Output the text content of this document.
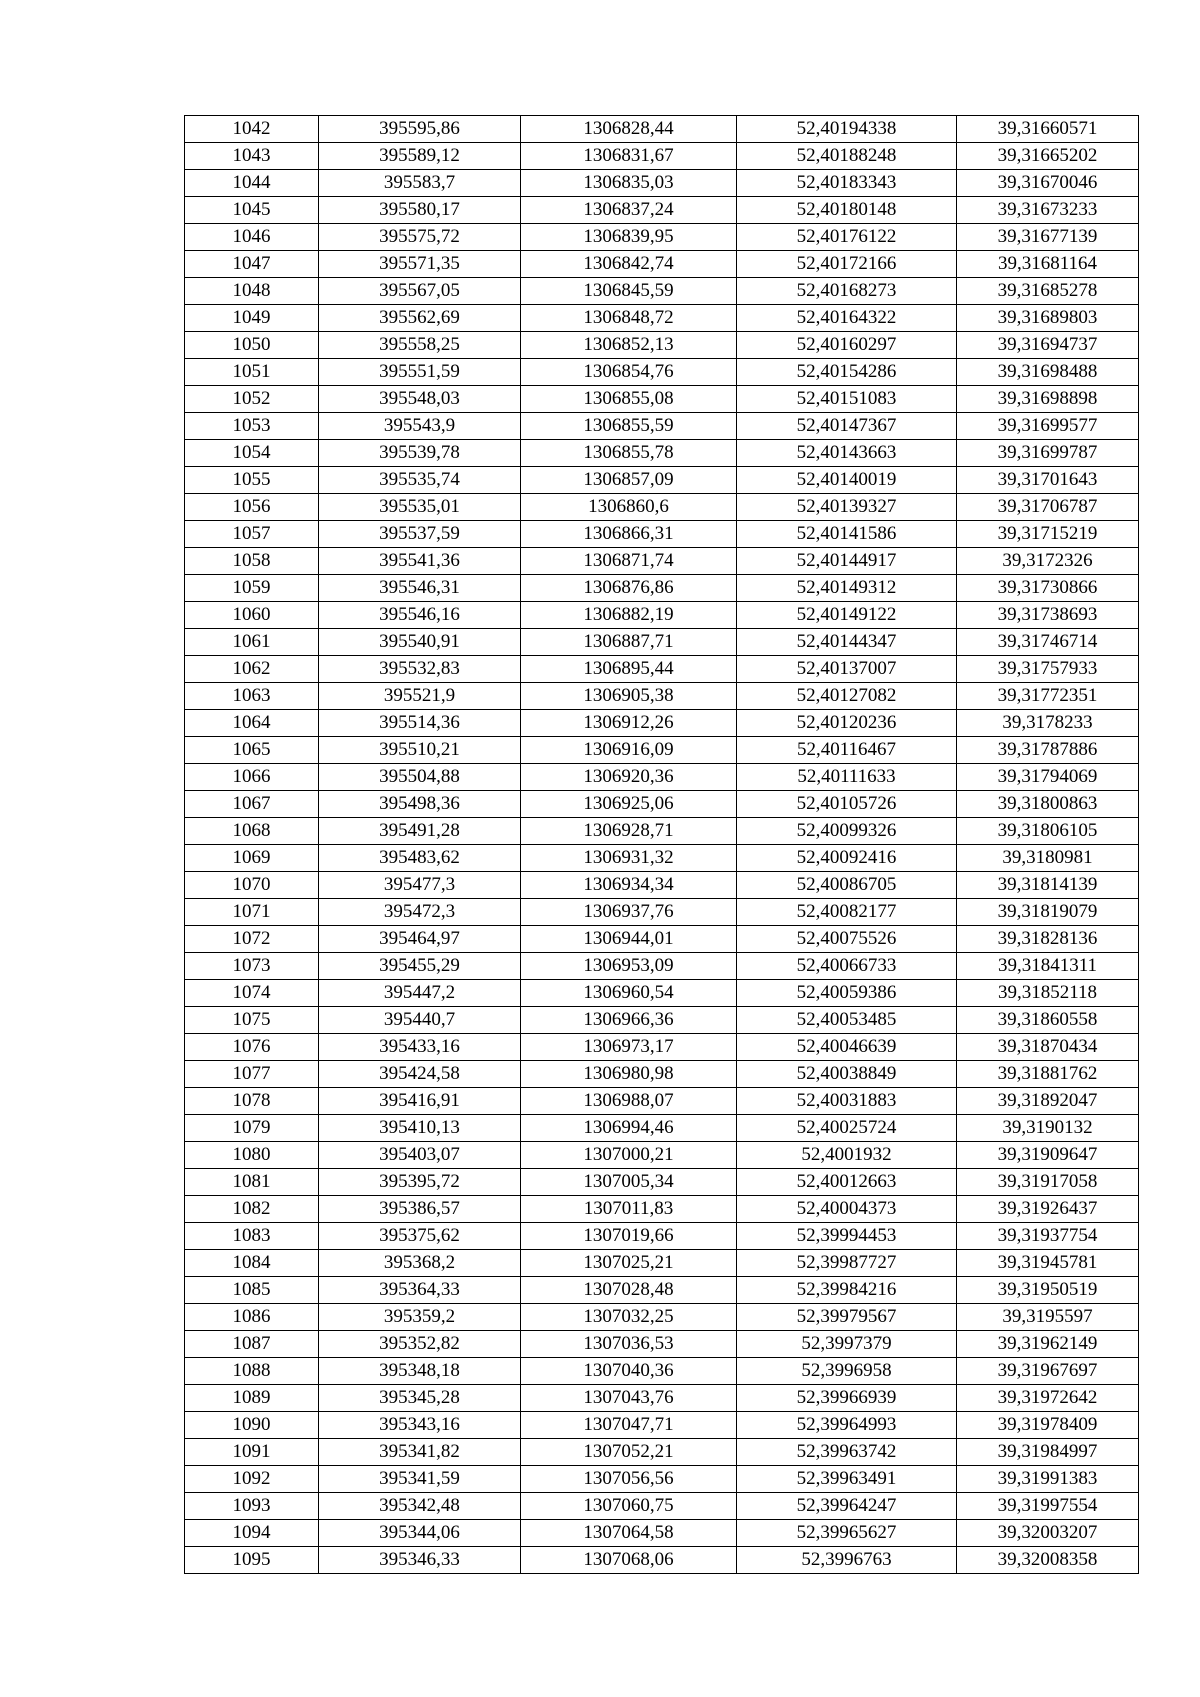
1042	395595,86	1306828,44	52,40194338	39,31660571
1043	395589,12	1306831,67	52,40188248	39,31665202
1044	395583,7	1306835,03	52,40183343	39,31670046
1045	395580,17	1306837,24	52,40180148	39,31673233
1046	395575,72	1306839,95	52,40176122	39,31677139
1047	395571,35	1306842,74	52,40172166	39,31681164
1048	395567,05	1306845,59	52,40168273	39,31685278
1049	395562,69	1306848,72	52,40164322	39,31689803
1050	395558,25	1306852,13	52,40160297	39,31694737
1051	395551,59	1306854,76	52,40154286	39,31698488
1052	395548,03	1306855,08	52,40151083	39,31698898
1053	395543,9	1306855,59	52,40147367	39,31699577
1054	395539,78	1306855,78	52,40143663	39,31699787
1055	395535,74	1306857,09	52,40140019	39,31701643
1056	395535,01	1306860,6	52,40139327	39,31706787
1057	395537,59	1306866,31	52,40141586	39,31715219
1058	395541,36	1306871,74	52,40144917	39,3172326
1059	395546,31	1306876,86	52,40149312	39,31730866
1060	395546,16	1306882,19	52,40149122	39,31738693
1061	395540,91	1306887,71	52,40144347	39,31746714
1062	395532,83	1306895,44	52,40137007	39,31757933
1063	395521,9	1306905,38	52,40127082	39,31772351
1064	395514,36	1306912,26	52,40120236	39,3178233
1065	395510,21	1306916,09	52,40116467	39,31787886
1066	395504,88	1306920,36	52,40111633	39,31794069
1067	395498,36	1306925,06	52,40105726	39,31800863
1068	395491,28	1306928,71	52,40099326	39,31806105
1069	395483,62	1306931,32	52,40092416	39,3180981
1070	395477,3	1306934,34	52,40086705	39,31814139
1071	395472,3	1306937,76	52,40082177	39,31819079
1072	395464,97	1306944,01	52,40075526	39,31828136
1073	395455,29	1306953,09	52,40066733	39,31841311
1074	395447,2	1306960,54	52,40059386	39,31852118
1075	395440,7	1306966,36	52,40053485	39,31860558
1076	395433,16	1306973,17	52,40046639	39,31870434
1077	395424,58	1306980,98	52,40038849	39,31881762
1078	395416,91	1306988,07	52,40031883	39,31892047
1079	395410,13	1306994,46	52,40025724	39,3190132
1080	395403,07	1307000,21	52,4001932	39,31909647
1081	395395,72	1307005,34	52,40012663	39,31917058
1082	395386,57	1307011,83	52,40004373	39,31926437
1083	395375,62	1307019,66	52,39994453	39,31937754
1084	395368,2	1307025,21	52,39987727	39,31945781
1085	395364,33	1307028,48	52,39984216	39,31950519
1086	395359,2	1307032,25	52,39979567	39,3195597
1087	395352,82	1307036,53	52,3997379	39,31962149
1088	395348,18	1307040,36	52,3996958	39,31967697
1089	395345,28	1307043,76	52,39966939	39,31972642
1090	395343,16	1307047,71	52,39964993	39,31978409
1091	395341,82	1307052,21	52,39963742	39,31984997
1092	395341,59	1307056,56	52,39963491	39,31991383
1093	395342,48	1307060,75	52,39964247	39,31997554
1094	395344,06	1307064,58	52,39965627	39,32003207
1095	395346,33	1307068,06	52,3996763	39,32008358
